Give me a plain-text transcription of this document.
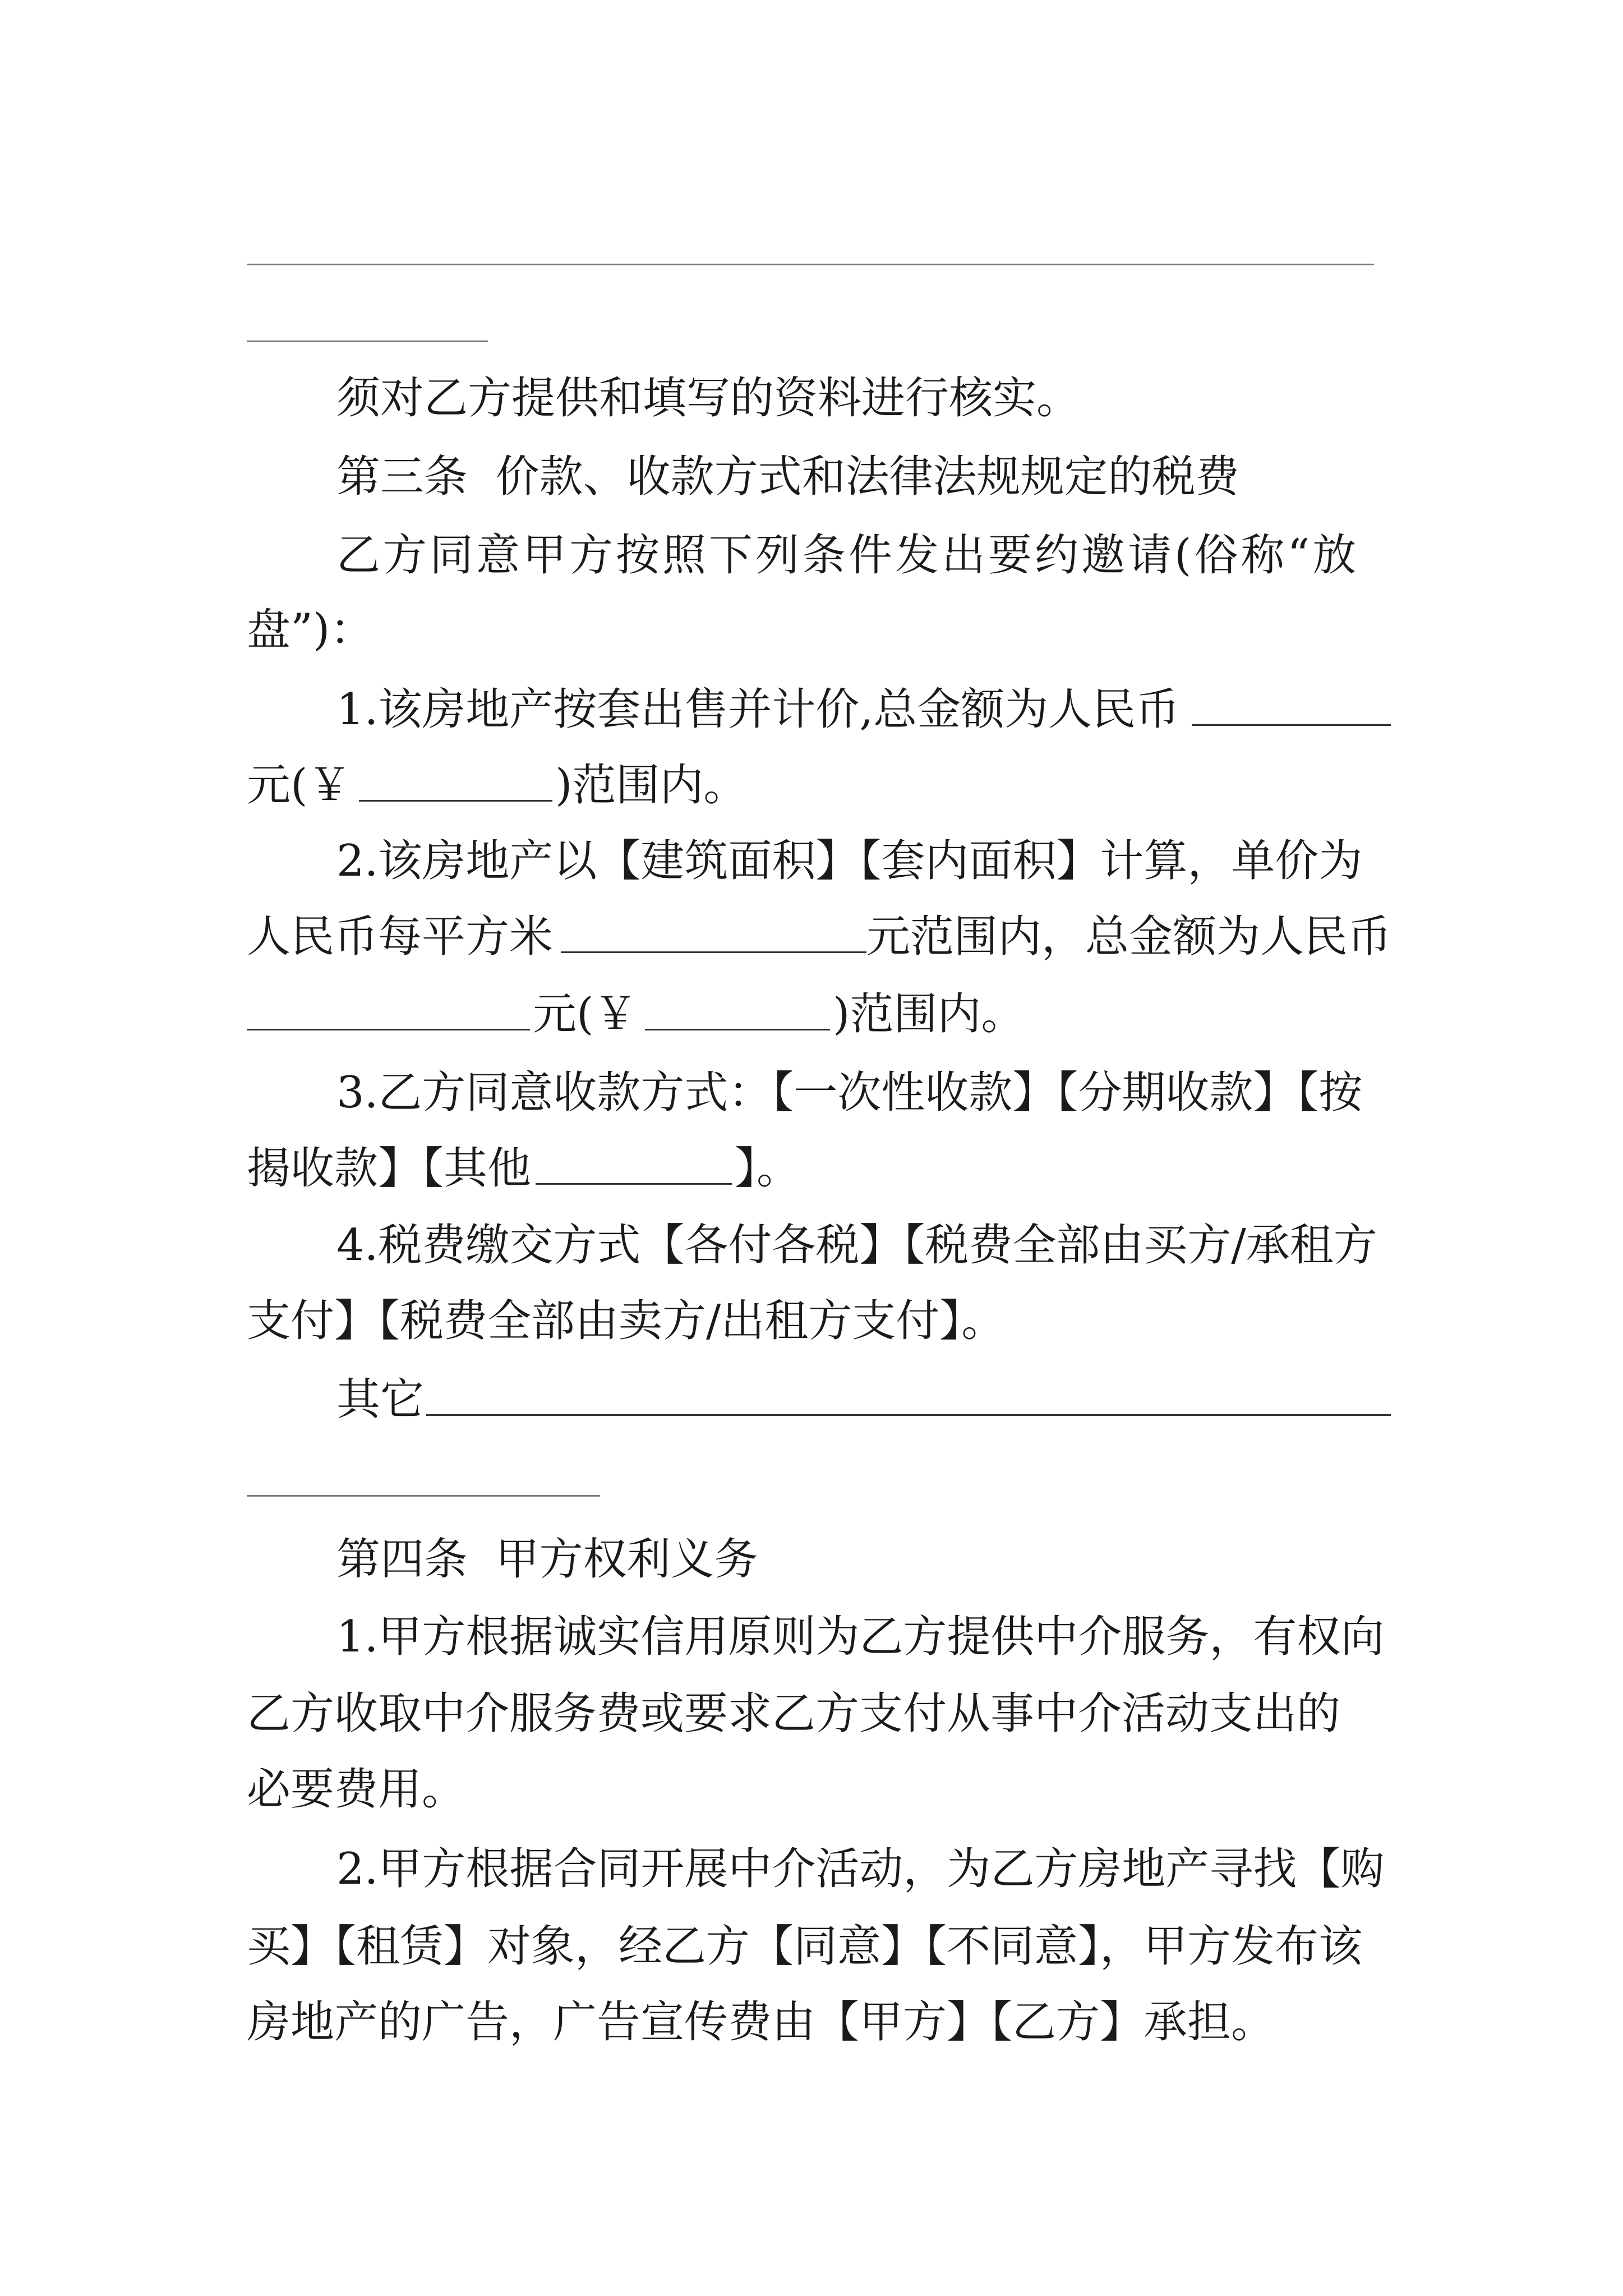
须对乙方提供和填写的资料进行核实。

第三条  价款、收款方式和法律法规规定的税费

乙方同意甲方按照下列条件发出要约邀请(俗称“放

盘”)：

1.该房地产按套出售并计价,总金额为人民币

元(￥

	)范围内。

2.该房地产以【建筑面积】【套内面积】计算，单价为

人民币每平方米

	元范围内，总金额为人民币

元(￥

	)范围内。

3.乙方同意收款方式：【一次性收款】【分期收款】【按

揭收款】【其他

	】。

4.税费缴交方式【各付各税】【税费全部由买方/承租方

支付】【税费全部由卖方/出租方支付】。

其它

第四条  甲方权利义务

1.甲方根据诚实信用原则为乙方提供中介服务，有权向

乙方收取中介服务费或要求乙方支付从事中介活动支出的

必要费用。

2.甲方根据合同开展中介活动，为乙方房地产寻找【购

买】【租赁】对象，经乙方【同意】【不同意】，甲方发布该

房地产的广告，广告宣传费由【甲方】【乙方】承担。
